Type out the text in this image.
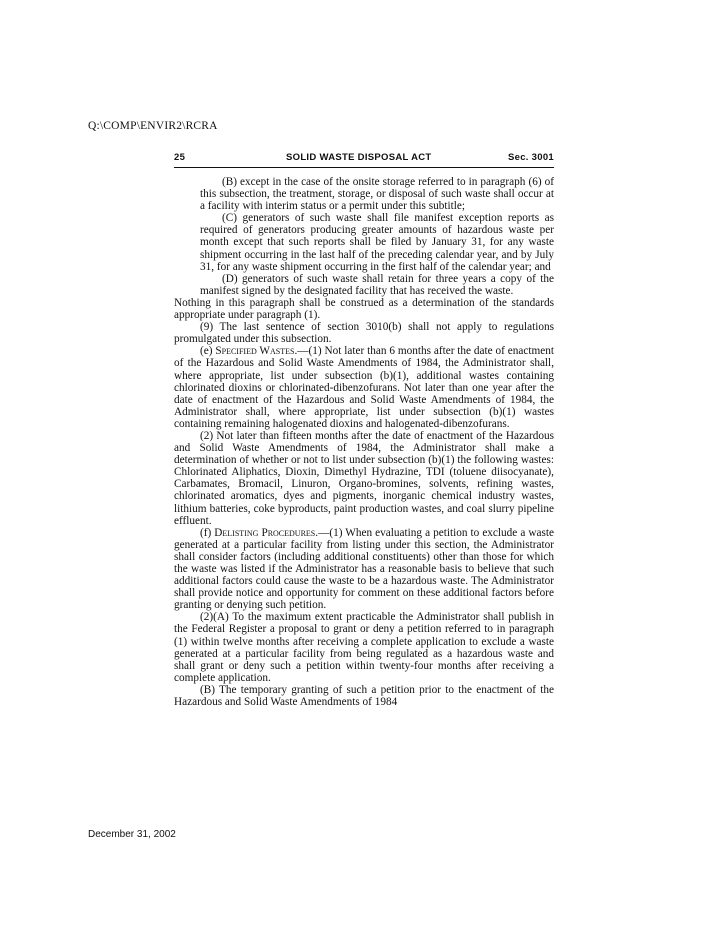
Q:\COMP\ENVIR2\RCRA
25	SOLID WASTE DISPOSAL ACT	Sec. 3001

(B) except in the case of the onsite storage referred to in paragraph (6) of this subsection, the treatment, storage, or disposal of such waste shall occur at a facility with interim status or a permit under this subtitle;

(C) generators of such waste shall file manifest exception reports as required of generators producing greater amounts of hazardous waste per month except that such reports shall be filed by January 31, for any waste shipment occurring in the last half of the preceding calendar year, and by July 31, for any waste shipment occurring in the first half of the calendar year; and

(D) generators of such waste shall retain for three years a copy of the manifest signed by the designated facility that has received the waste.

Nothing in this paragraph shall be construed as a determination of the standards appropriate under paragraph (1).

(9) The last sentence of section 3010(b) shall not apply to regulations promulgated under this subsection.

(e) Specified Wastes.—(1) Not later than 6 months after the date of enactment of the Hazardous and Solid Waste Amendments of 1984, the Administrator shall, where appropriate, list under subsection (b)(1), additional wastes containing chlorinated dioxins or chlorinated-dibenzofurans. Not later than one year after the date of enactment of the Hazardous and Solid Waste Amendments of 1984, the Administrator shall, where appropriate, list under subsection (b)(1) wastes containing remaining halogenated dioxins and halogenated-dibenzofurans.

(2) Not later than fifteen months after the date of enactment of the Hazardous and Solid Waste Amendments of 1984, the Administrator shall make a determination of whether or not to list under subsection (b)(1) the following wastes: Chlorinated Aliphatics, Dioxin, Dimethyl Hydrazine, TDI (toluene diisocyanate), Carbamates, Bromacil, Linuron, Organo-bromines, solvents, refining wastes, chlorinated aromatics, dyes and pigments, inorganic chemical industry wastes, lithium batteries, coke byproducts, paint production wastes, and coal slurry pipeline effluent.

(f) Delisting Procedures.—(1) When evaluating a petition to exclude a waste generated at a particular facility from listing under this section, the Administrator shall consider factors (including additional constituents) other than those for which the waste was listed if the Administrator has a reasonable basis to believe that such additional factors could cause the waste to be a hazardous waste. The Administrator shall provide notice and opportunity for comment on these additional factors before granting or denying such petition.

(2)(A) To the maximum extent practicable the Administrator shall publish in the Federal Register a proposal to grant or deny a petition referred to in paragraph (1) within twelve months after receiving a complete application to exclude a waste generated at a particular facility from being regulated as a hazardous waste and shall grant or deny such a petition within twenty-four months after receiving a complete application.

(B) The temporary granting of such a petition prior to the enactment of the Hazardous and Solid Waste Amendments of 1984

December 31, 2002
